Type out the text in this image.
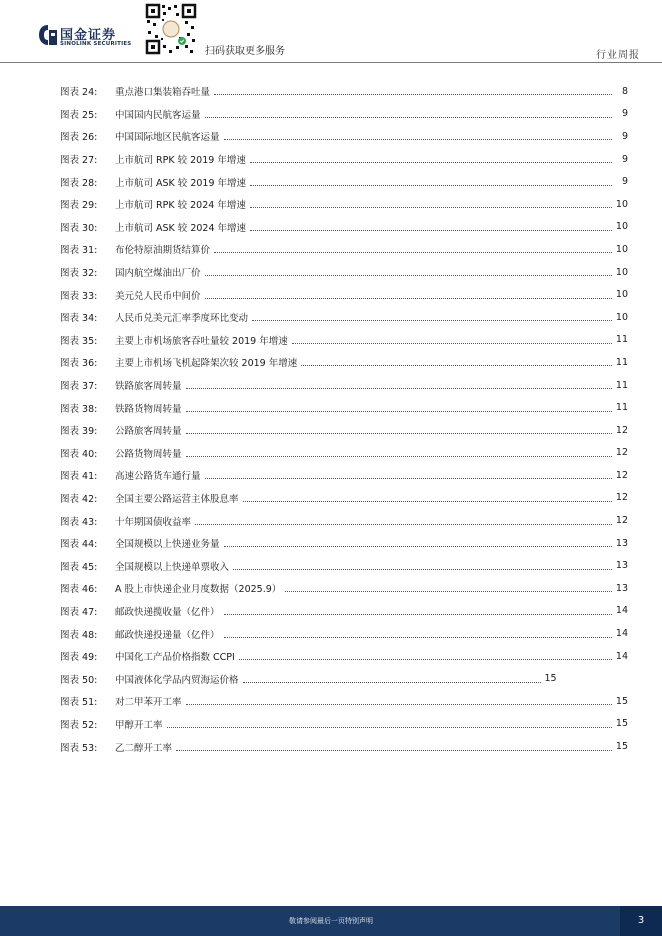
国金证券
SINOLINK SECURITIES
扫码获取更多服务	行业周报
图表 24:	重点港口集装箱吞吐量	8
图表 25:	中国国内民航客运量	9
图表 26:	中国国际地区民航客运量	9
图表 27:	上市航司 RPK 较 2019 年增速	9
图表 28:	上市航司 ASK 较 2019 年增速	9
图表 29:	上市航司 RPK 较 2024 年增速	10
图表 30:	上市航司 ASK 较 2024 年增速	10
图表 31:	布伦特原油期货结算价	10
图表 32:	国内航空煤油出厂价	10
图表 33:	美元兑人民币中间价	10
图表 34:	人民币兑美元汇率季度环比变动	10
图表 35:	主要上市机场旅客吞吐量较 2019 年增速	11
图表 36:	主要上市机场飞机起降架次较 2019 年增速	11
图表 37:	铁路旅客周转量	11
图表 38:	铁路货物周转量	11
图表 39:	公路旅客周转量	12
图表 40:	公路货物周转量	12
图表 41:	高速公路货车通行量	12
图表 42:	全国主要公路运营主体股息率	12
图表 43:	十年期国债收益率	12
图表 44:	全国规模以上快递业务量	13
图表 45:	全国规模以上快递单票收入	13
图表 46:	A 股上市快递企业月度数据（2025.9）	13
图表 47:	邮政快递揽收量（亿件）	14
图表 48:	邮政快递投递量（亿件）	14
图表 49:	中国化工产品价格指数 CCPI	14
图表 50:	中国液体化学品内贸海运价格	15
图表 51:	对二甲苯开工率	15
图表 52:	甲醇开工率	15
图表 53:	乙二醇开工率	15
敬请参阅最后一页特别声明	3
